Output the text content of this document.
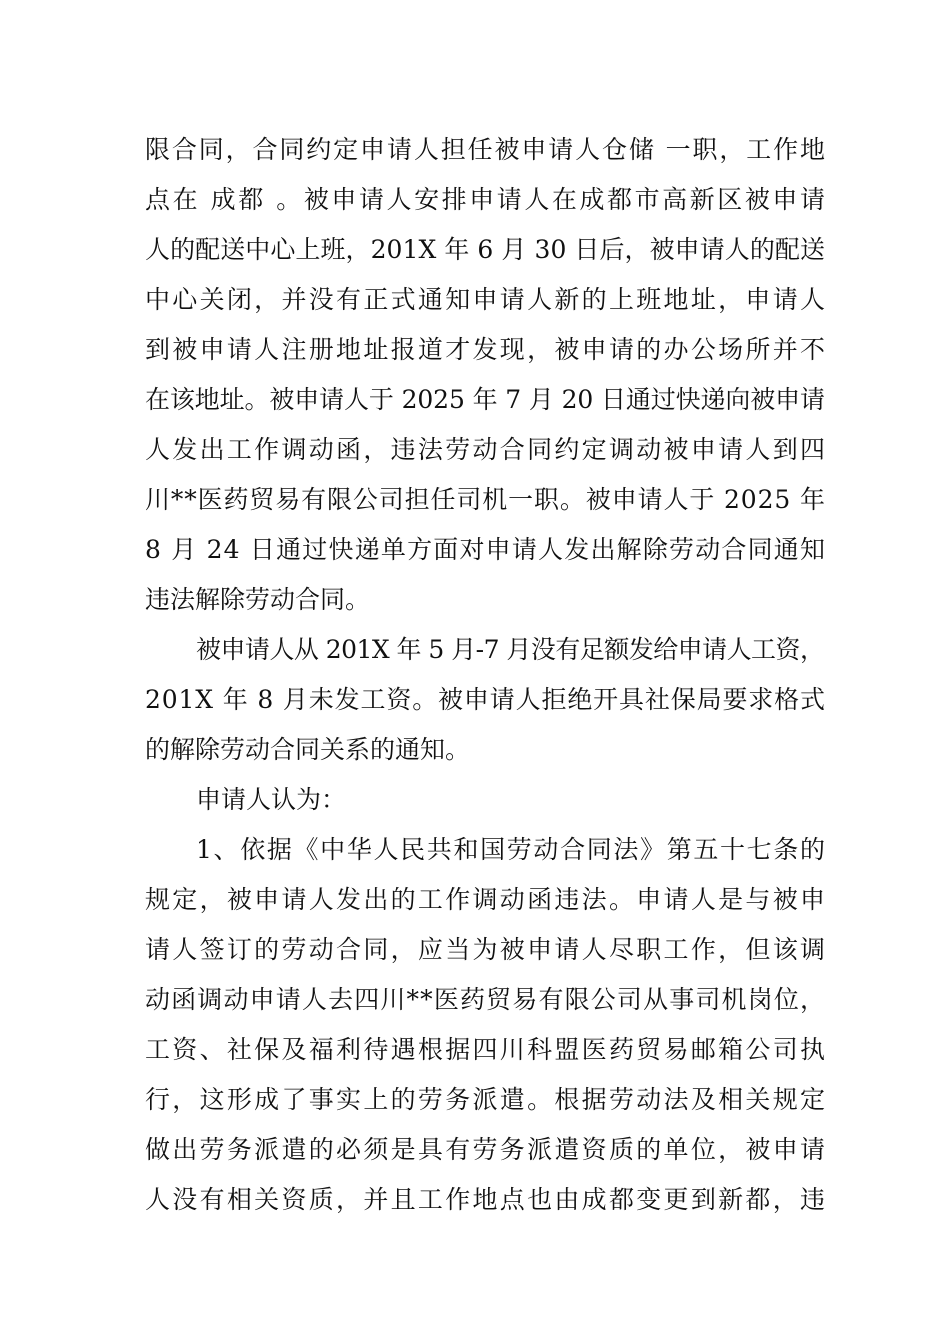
限合同，合同约定申请人担任被申请人仓储 一职，工作地
点在 成都 。被申请人安排申请人在成都市高新区被申请
人的配送中心上班，201X 年 6 月 30 日后，被申请人的配送
中心关闭，并没有正式通知申请人新的上班地址，申请人
到被申请人注册地址报道才发现，被申请的办公场所并不
在该地址。被申请人于 2025 年 7 月 20 日通过快递向被申请
人发出工作调动函，违法劳动合同约定调动被申请人到四
川**医药贸易有限公司担任司机一职。被申请人于 2025 年
8 月 24 日通过快递单方面对申请人发出解除劳动合同通知
违法解除劳动合同。
被申请人从 201X 年 5 月-7 月没有足额发给申请人工资，
201X 年 8 月未发工资。被申请人拒绝开具社保局要求格式
的解除劳动合同关系的通知。
申请人认为：
1、依据《中华人民共和国劳动合同法》第五十七条的
规定，被申请人发出的工作调动函违法。申请人是与被申
请人签订的劳动合同，应当为被申请人尽职工作，但该调
动函调动申请人去四川**医药贸易有限公司从事司机岗位，
工资、社保及福利待遇根据四川科盟医药贸易邮箱公司执
行，这形成了事实上的劳务派遣。根据劳动法及相关规定
做出劳务派遣的必须是具有劳务派遣资质的单位，被申请
人没有相关资质，并且工作地点也由成都变更到新都，违
